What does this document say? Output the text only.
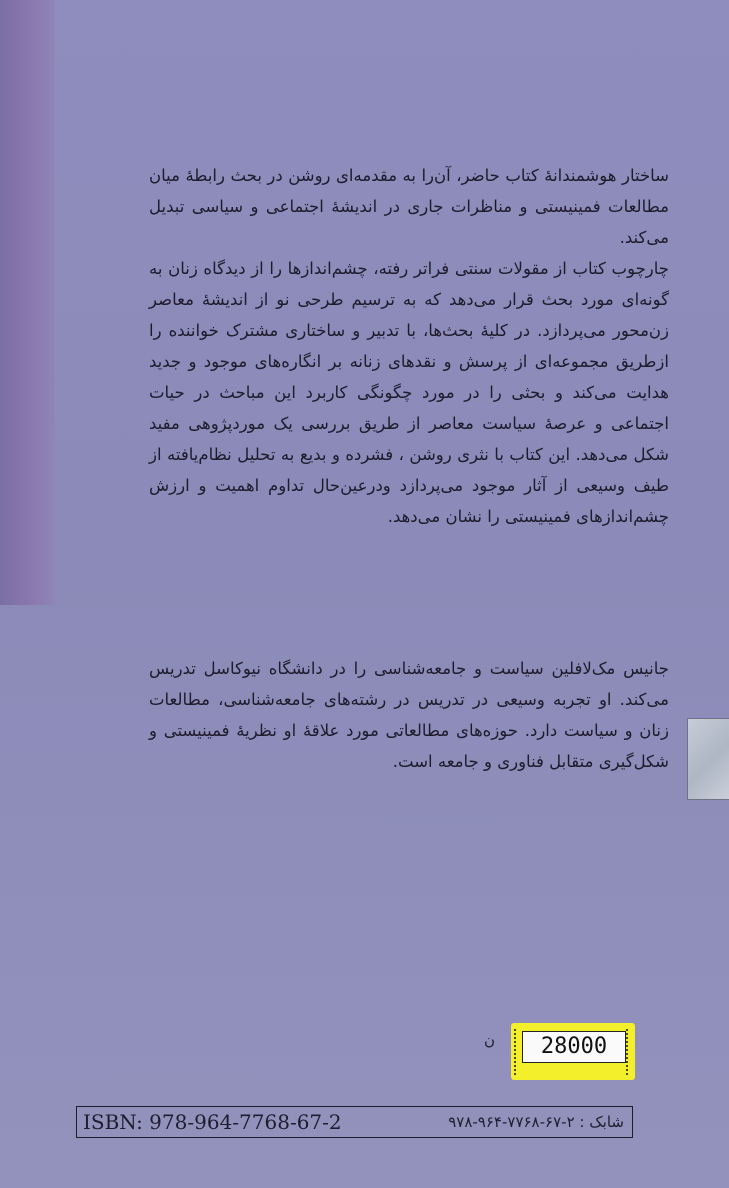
ساختار هوشمندانهٔ کتاب حاضر، آن‌را به مقدمه‌ای روشن در بحث رابطهٔ میان مطالعات فمینیستی و مناظرات جاری در اندیشهٔ اجتماعی و سیاسی تبدیل می‌کند.

چارچوب کتاب از مقولات سنتی فراتر رفته، چشم‌اندازها را از دیدگاه زنان به گونه‌ای مورد بحث قرار می‌دهد که به ترسیم طرحی نو از اندیشهٔ معاصر زن‌محور می‌پردازد. در کلیهٔ بحث‌ها، با تدبیر و ساختاری مشترک خواننده را ازطریق مجموعه‌ای از پرسش و نقدهای زنانه بر انگاره‌های موجود و جدید هدایت می‌کند و بحثی را در مورد چگونگی کاربرد این مباحث در حیات اجتماعی و عرصهٔ سیاست معاصر از طریق بررسی یک موردپژوهی مفید شکل می‌دهد. این کتاب با نثری روشن ، فشرده و بدیع به تحلیل نظام‌یافته از طیف وسیعی از آثار موجود می‌پردازد ودرعین‌حال تداوم اهمیت و ارزش چشم‌اندازهای فمینیستی را نشان می‌دهد.

جانیس مک‌لافلین سیاست و جامعه‌شناسی را در دانشگاه نیوکاسل تدریس می‌کند. او تجربه وسیعی در تدریس در رشته‌های جامعه‌شناسی، مطالعات زنان و سیاست دارد. حوزه‌های مطالعاتی مورد علاقهٔ او نظریهٔ فمینیستی و شکل‌گیری متقابل فناوری و جامعه است.

ن	28000
ISBN: 978-964-7768-67-2	شابک : ۲-۶۷-۷۷۶۸-۹۶۴-۹۷۸
